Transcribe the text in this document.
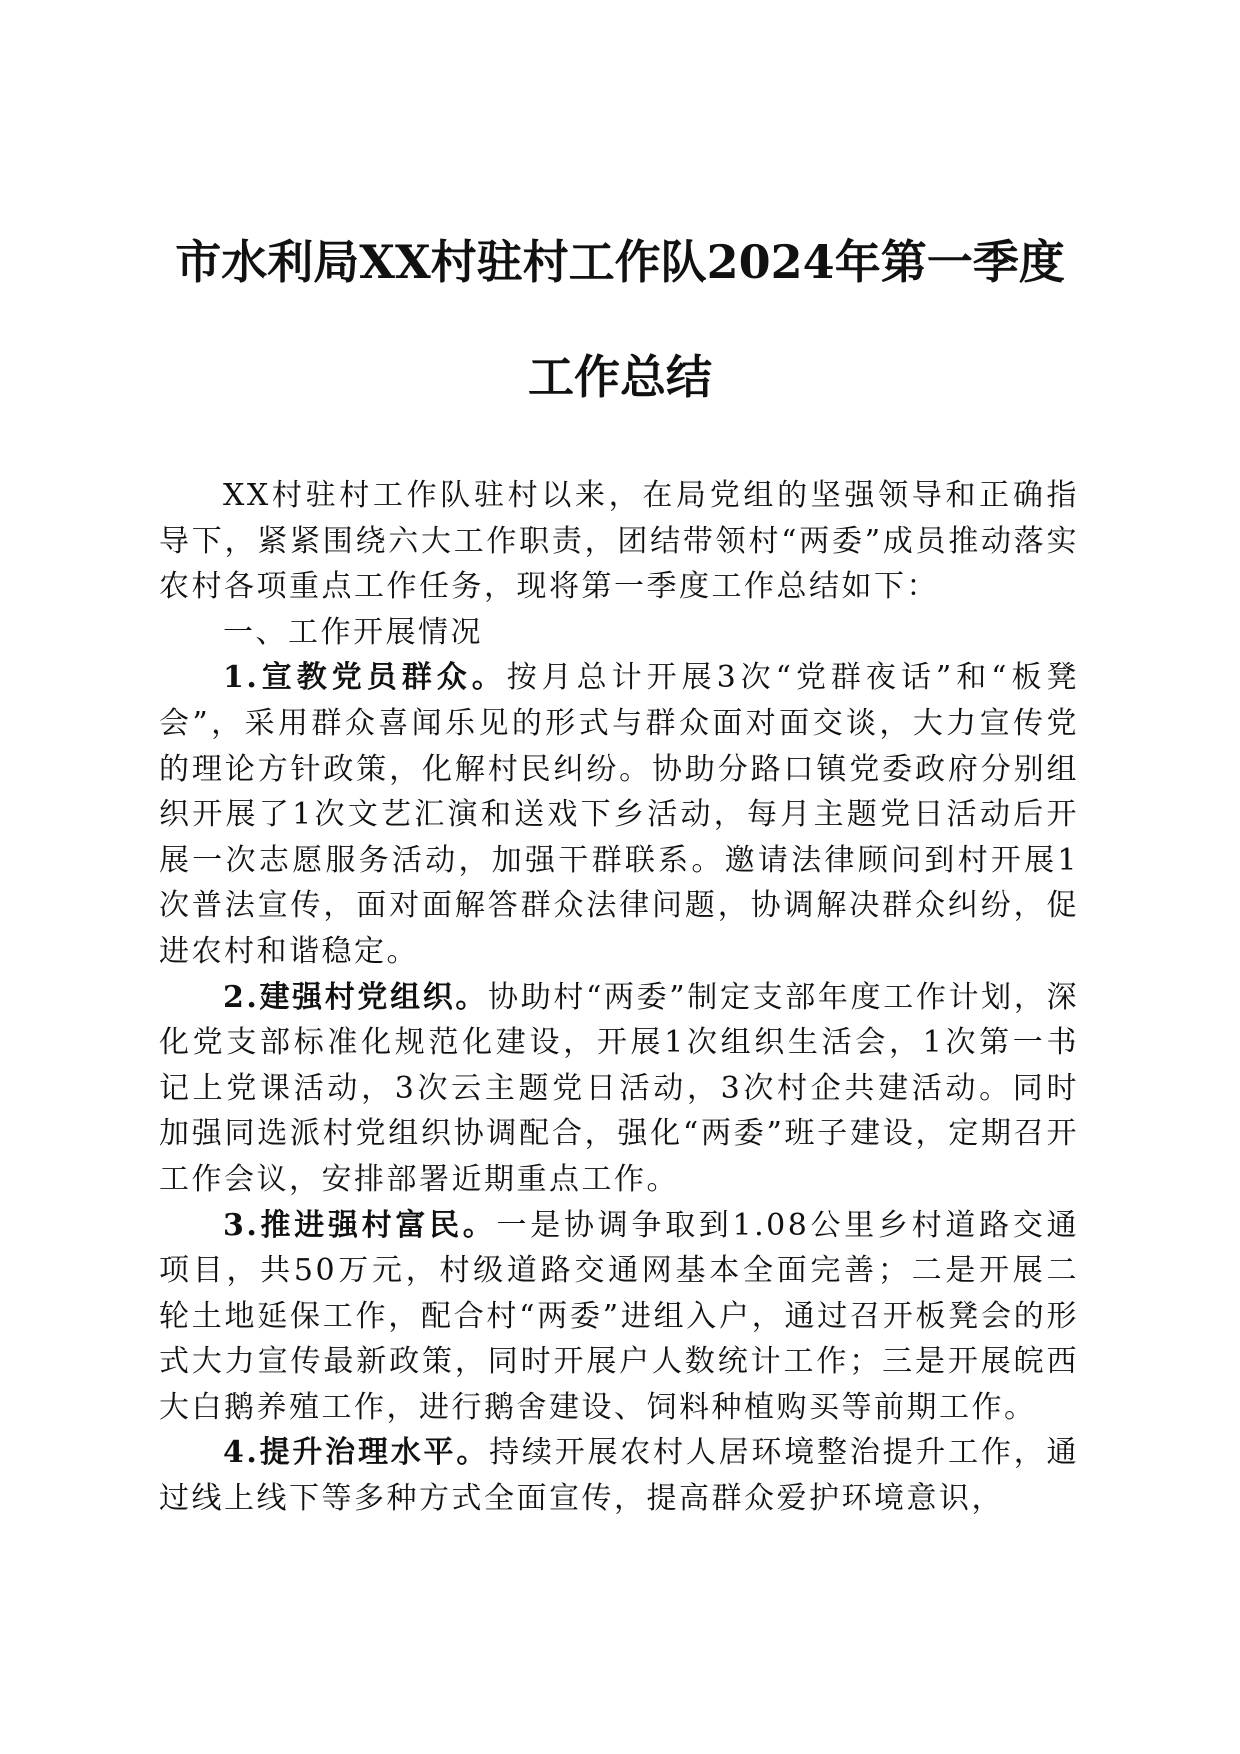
市水利局XX村驻村工作队2024年第一季度
工作总结

XX村驻村工作队驻村以来，在局党组的坚强领导和正确指导下，紧紧围绕六大工作职责，团结带领村“两委”成员推动落实农村各项重点工作任务，现将第一季度工作总结如下：

一、工作开展情况

1.宣教党员群众。按月总计开展3次“党群夜话”和“板凳会”，采用群众喜闻乐见的形式与群众面对面交谈，大力宣传党的理论方针政策，化解村民纠纷。协助分路口镇党委政府分别组织开展了1次文艺汇演和送戏下乡活动，每月主题党日活动后开展一次志愿服务活动，加强干群联系。邀请法律顾问到村开展1次普法宣传，面对面解答群众法律问题，协调解决群众纠纷，促进农村和谐稳定。

2.建强村党组织。协助村“两委”制定支部年度工作计划，深化党支部标准化规范化建设，开展1次组织生活会，1次第一书记上党课活动，3次云主题党日活动，3次村企共建活动。同时加强同选派村党组织协调配合，强化“两委”班子建设，定期召开工作会议，安排部署近期重点工作。

3.推进强村富民。一是协调争取到1.08公里乡村道路交通项目，共50万元，村级道路交通网基本全面完善；二是开展二轮土地延保工作，配合村“两委”进组入户，通过召开板凳会的形式大力宣传最新政策，同时开展户人数统计工作；三是开展皖西大白鹅养殖工作，进行鹅舍建设、饲料种植购买等前期工作。

4.提升治理水平。持续开展农村人居环境整治提升工作，通过线上线下等多种方式全面宣传，提高群众爱护环境意识，
